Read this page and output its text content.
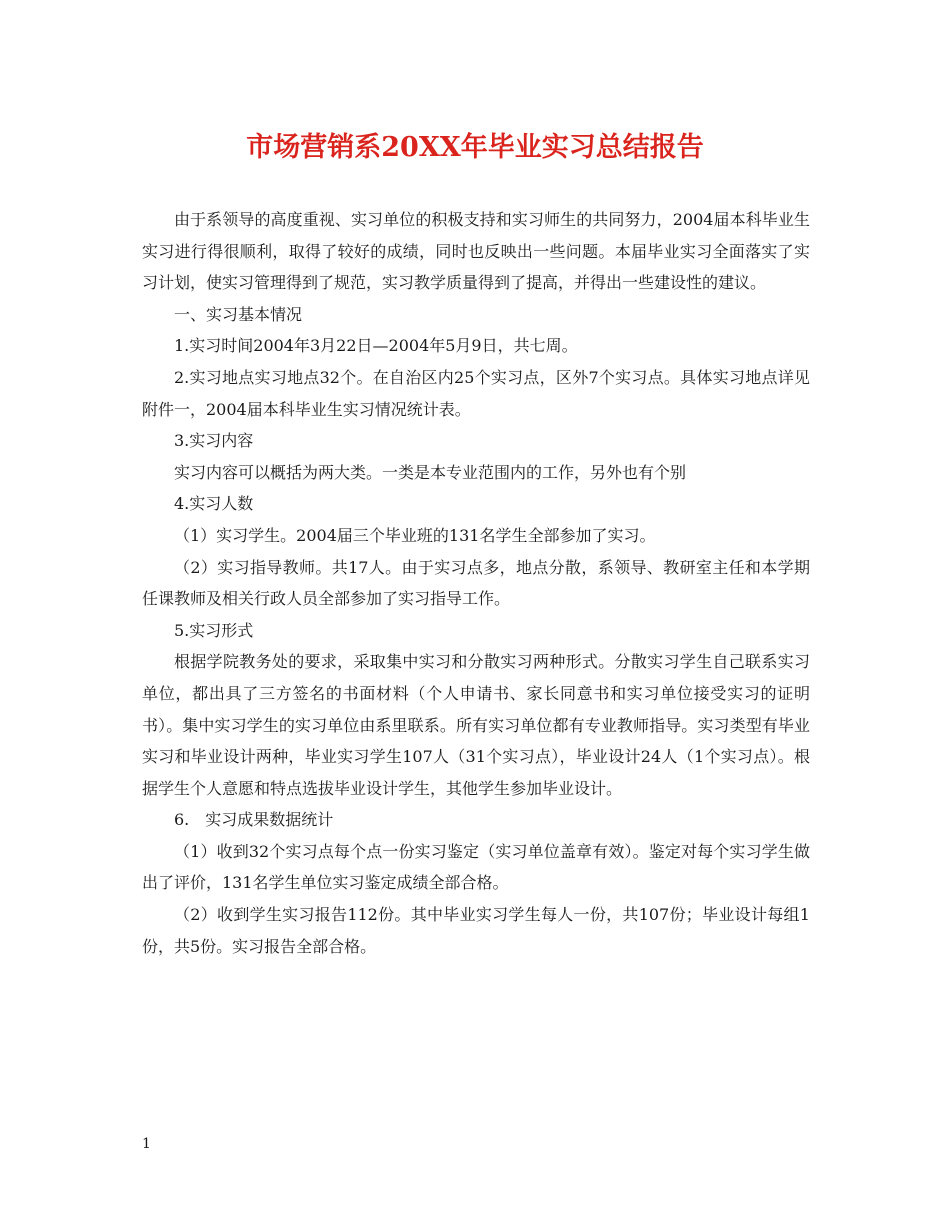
市场营销系20XX年毕业实习总结报告

由于系领导的高度重视、实习单位的积极支持和实习师生的共同努力，2004届本科毕业生实习进行得很顺利，取得了较好的成绩，同时也反映出一些问题。本届毕业实习全面落实了实习计划，使实习管理得到了规范，实习教学质量得到了提高，并得出一些建设性的建议。

一、实习基本情况

1.实习时间2004年3月22日—2004年5月9日，共七周。

2.实习地点实习地点32个。在自治区内25个实习点，区外7个实习点。具体实习地点详见附件一，2004届本科毕业生实习情况统计表。

3.实习内容

实习内容可以概括为两大类。一类是本专业范围内的工作，另外也有个别

4.实习人数

（1）实习学生。2004届三个毕业班的131名学生全部参加了实习。

（2）实习指导教师。共17人。由于实习点多，地点分散，系领导、教研室主任和本学期任课教师及相关行政人员全部参加了实习指导工作。

5.实习形式

根据学院教务处的要求，采取集中实习和分散实习两种形式。分散实习学生自己联系实习单位，都出具了三方签名的书面材料（个人申请书、家长同意书和实习单位接受实习的证明书）。集中实习学生的实习单位由系里联系。所有实习单位都有专业教师指导。实习类型有毕业实习和毕业设计两种，毕业实习学生107人（31个实习点），毕业设计24人（1个实习点）。根据学生个人意愿和特点选拔毕业设计学生，其他学生参加毕业设计。

6.　实习成果数据统计

（1）收到32个实习点每个点一份实习鉴定（实习单位盖章有效）。鉴定对每个实习学生做出了评价，131名学生单位实习鉴定成绩全部合格。

（2）收到学生实习报告112份。其中毕业实习学生每人一份，共107份；毕业设计每组1份，共5份。实习报告全部合格。

1
